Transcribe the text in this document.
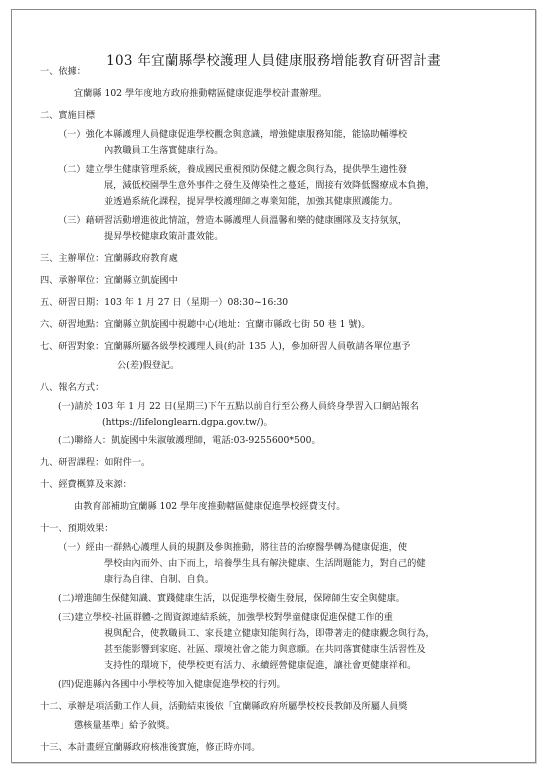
103 年宜蘭縣學校護理人員健康服務增能教育研習計畫
一、依據：
宜蘭縣 102 學年度地方政府推動轄區健康促進學校計畫辦理。
二、實施目標
（一）強化本縣護理人員健康促進學校觀念與意識，增強健康服務知能，能協助輔導校
內教職員工生落實健康行為。
（二）建立學生健康管理系統，養成國民重視預防保健之觀念與行為，提供學生適性發
展，減低校園學生意外事件之發生及傳染性之蔓延，間接有效降低醫療成本負擔，
並透過系統化課程，提昇學校護理師之專業知能，加強其健康照護能力。
（三）藉研習活動增進彼此情誼，營造本縣護理人員溫馨和樂的健康團隊及支持氛氛，
提昇學校健康政策計畫效能。
三、主辦單位：宜蘭縣政府教育處
四、承辦單位：宜蘭縣立凱旋國中
五、研習日期：103 年 1 月 27 日（星期一）08:30~16:30
六、研習地點：宜蘭縣立凱旋國中視聽中心(地址：宜蘭市縣政七街 50 巷 1 號)。
七、研習對象：宜蘭縣所屬各級學校護理人員(約計 135 人)，參加研習人員敬請各單位惠予
公(差)假登記。
八、報名方式：
(一)請於 103 年 1 月 22 日(星期三)下午五點以前自行至公務人員終身學習入口網站報名
(https://lifelonglearn.dgpa.gov.tw/)。
(二)聯絡人：凱旋國中朱淑敏護理師，電話:03-9255600*500。
九、研習課程：如附件一。
十、經費概算及來源：
由教育部補助宜蘭縣 102 學年度推動轄區健康促進學校經費支付。
十一、預期效果：
（一）經由一群熱心護理人員的規劃及參與推動，將往昔的治療醫學轉為健康促進，使
學校由內而外、由下而上，培養學生具有解決健康、生活問題能力，對自己的健
康行為自律、自制、自負。
(二)增進師生保健知識、實踐健康生活，以促進學校衛生發展，保障師生安全與健康。
(三)建立學校-社區群體-之間資源連結系統，加強學校對學童健康促進保健工作的重
視與配合，使教職員工、家長建立健康知能與行為，即帶著走的健康觀念與行為，
甚至能影響到家庭、社區、環境社會之能力與意願。在共同落實健康生活習性及
支持性的環境下，使學校更有活力、永續經營健康促進，讓社會更健康祥和。
(四)促進縣內各國中小學校等加入健康促進學校的行列。
十二、承辦是項活動工作人員，活動結束後依「宜蘭縣政府所屬學校校長教師及所屬人員獎
懲核量基準」給予敘獎。
十三、本計畫經宜蘭縣政府核准後實施，修正時亦同。
